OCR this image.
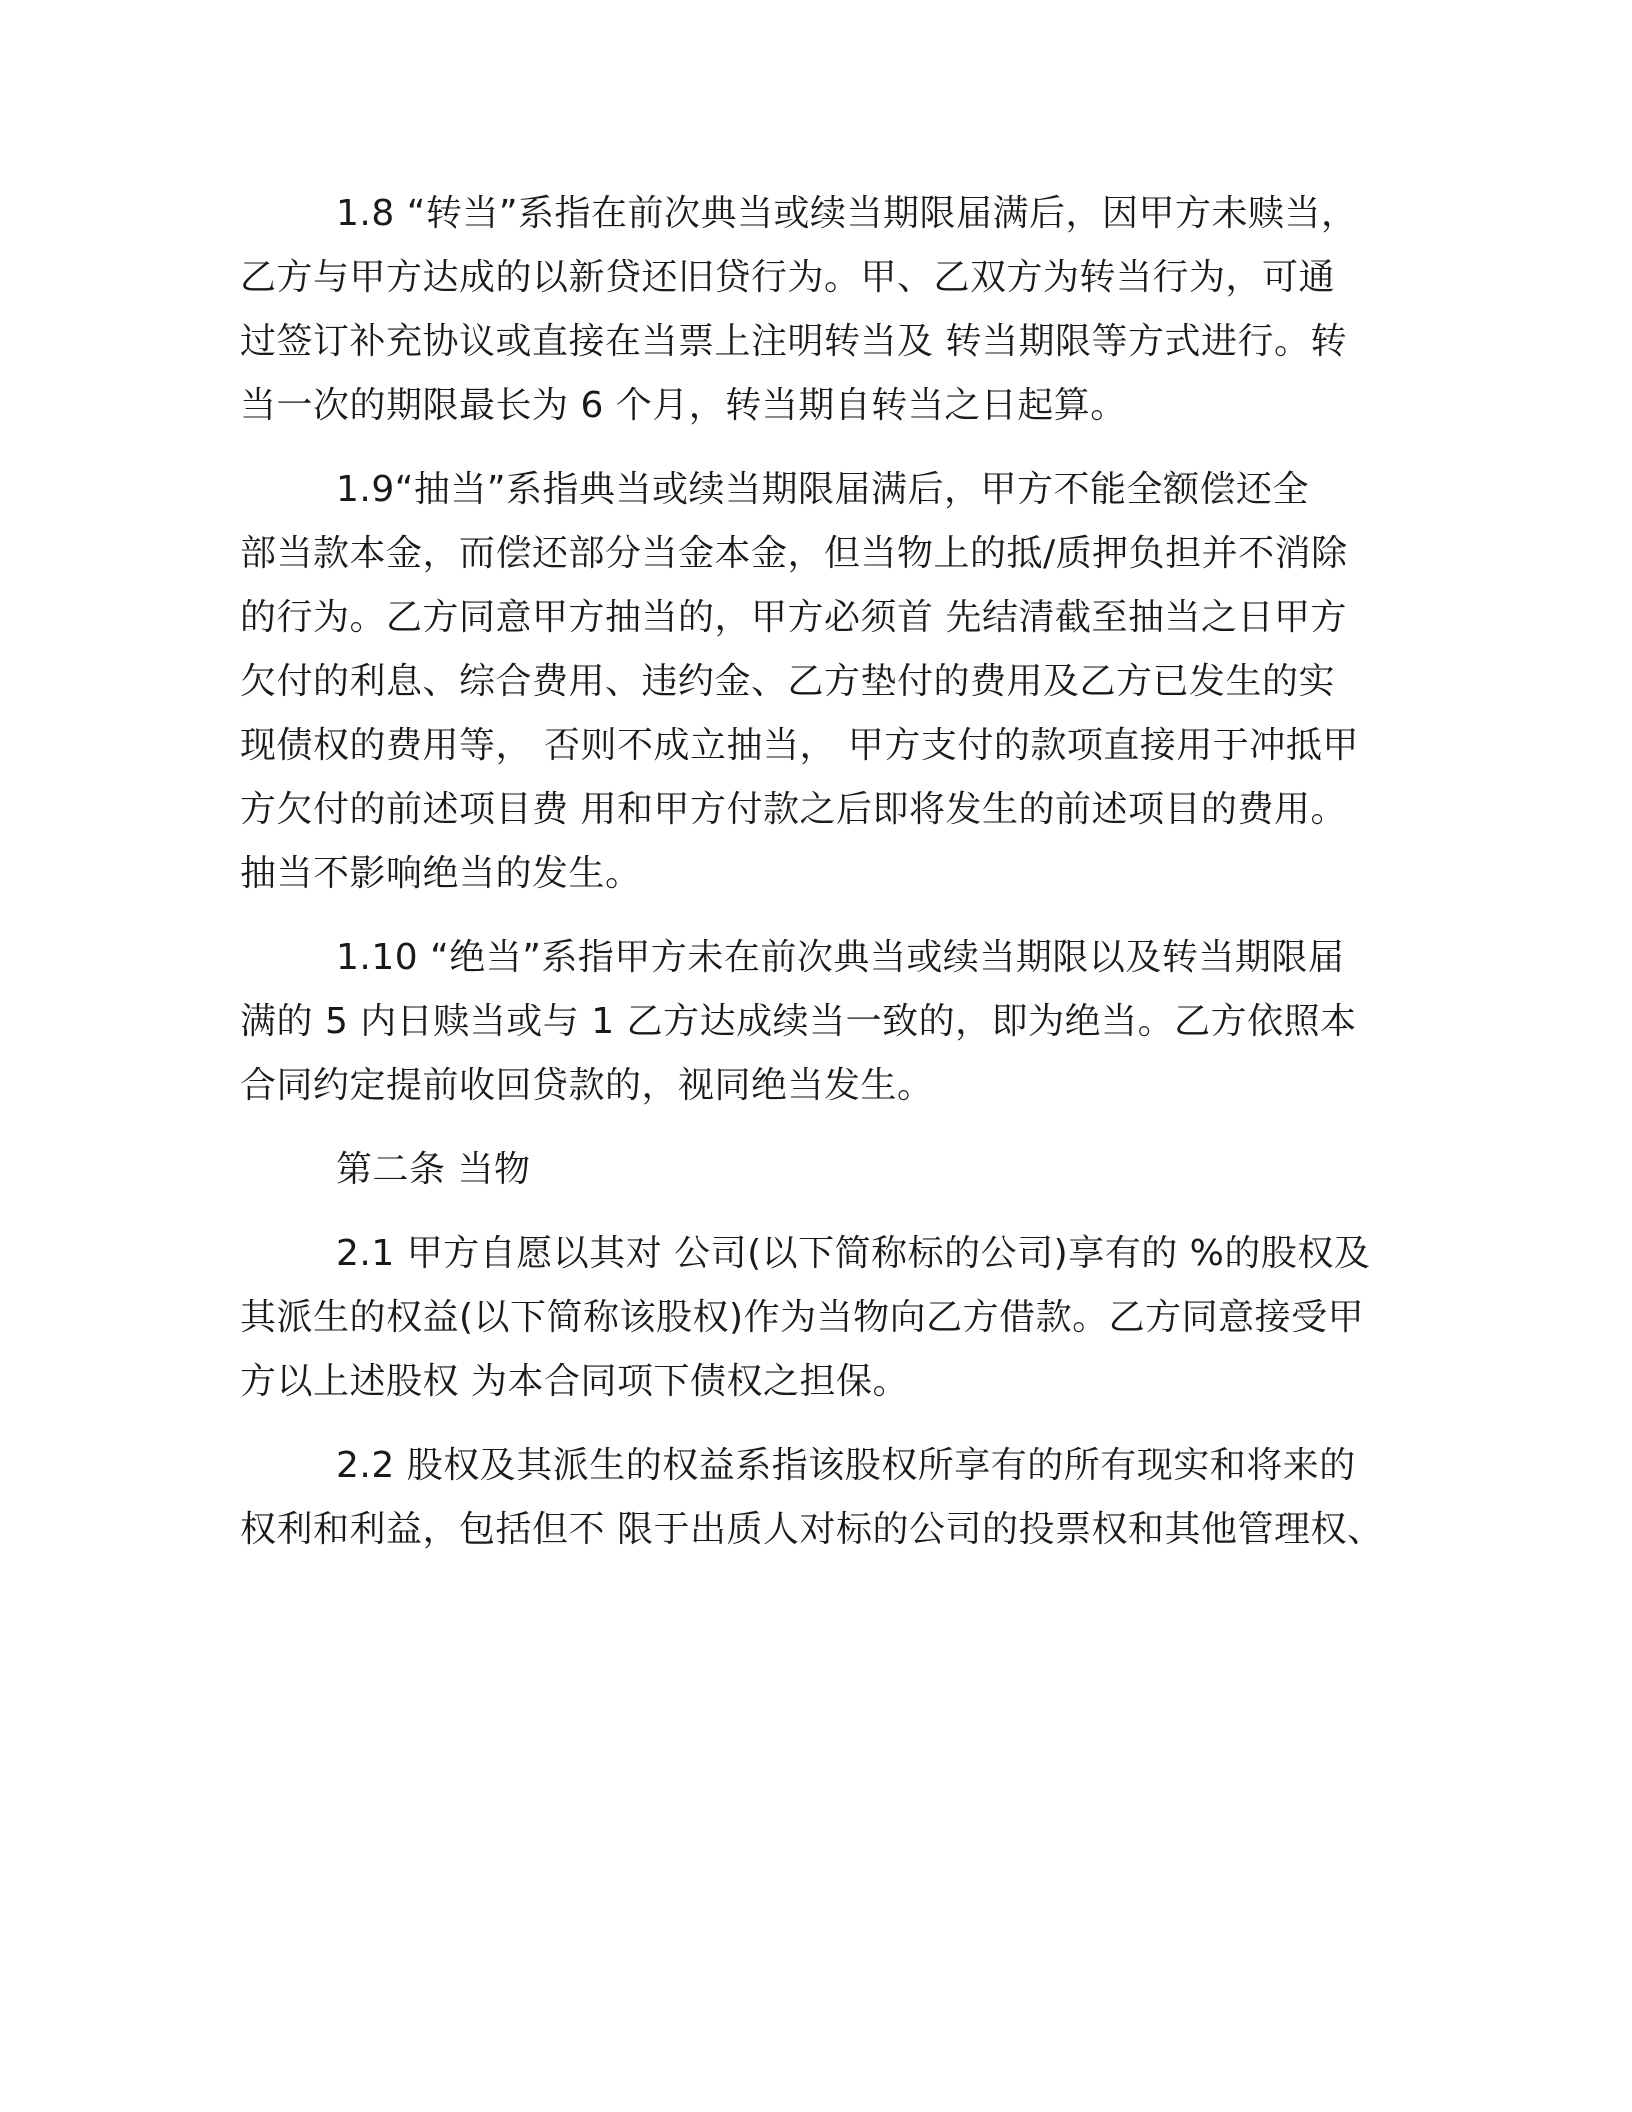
1.8 “转当”系指在前次典当或续当期限届满后，因甲方未赎当，
乙方与甲方达成的以新贷还旧贷行为。甲、乙双方为转当行为，可通
过签订补充协议或直接在当票上注明转当及 转当期限等方式进行。转
当一次的期限最长为 6 个月，转当期自转当之日起算。
1.9“抽当”系指典当或续当期限届满后，甲方不能全额偿还全
部当款本金，而偿还部分当金本金，但当物上的抵/质押负担并不消除
的行为。乙方同意甲方抽当的，甲方必须首 先结清截至抽当之日甲方
欠付的利息、综合费用、违约金、乙方垫付的费用及乙方已发生的实
现债权的费用等， 否则不成立抽当， 甲方支付的款项直接用于冲抵甲
方欠付的前述项目费 用和甲方付款之后即将发生的前述项目的费用。
抽当不影响绝当的发生。
1.10 “绝当”系指甲方未在前次典当或续当期限以及转当期限届
满的 5 内日赎当或与 1 乙方达成续当一致的，即为绝当。乙方依照本
合同约定提前收回贷款的，视同绝当发生。
第二条 当物
2.1 甲方自愿以其对 公司(以下简称标的公司)享有的 %的股权及
其派生的权益(以下简称该股权)作为当物向乙方借款。乙方同意接受甲
方以上述股权 为本合同项下债权之担保。
2.2 股权及其派生的权益系指该股权所享有的所有现实和将来的
权利和利益，包括但不 限于出质人对标的公司的投票权和其他管理权、
